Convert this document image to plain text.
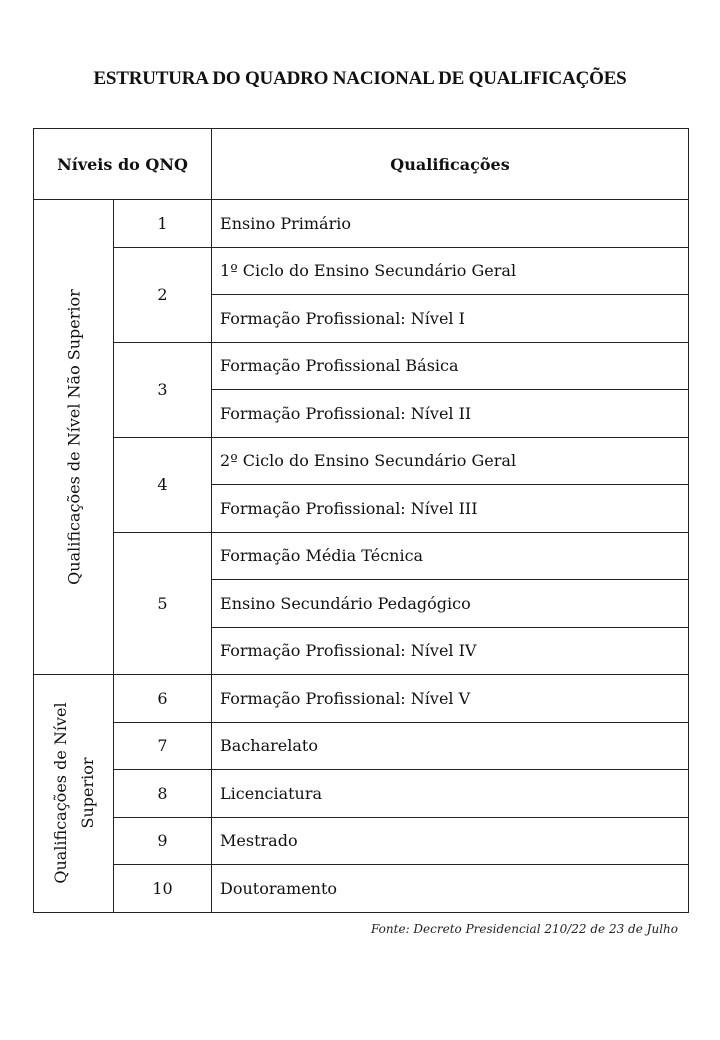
ESTRUTURA DO QUADRO NACIONAL DE QUALIFICAÇÕES
Níveis do QNQ		Qualificações

Qualificações de Nível Não Superior	1	Ensino Primário
	2	1º Ciclo do Ensino Secundário Geral
		Formação Profissional: Nível I
	3	Formação Profissional Básica
		Formação Profissional: Nível II
	4	2º Ciclo do Ensino Secundário Geral
		Formação Profissional: Nível III
	5	Formação Média Técnica
		Ensino Secundário Pedagógico
		Formação Profissional: Nível IV

Qualificações de Nível Superior	6	Formação Profissional: Nível V
	7	Bacharelato
	8	Licenciatura
	9	Mestrado
	10	Doutoramento
Fonte: Decreto Presidencial 210/22 de 23 de Julho
